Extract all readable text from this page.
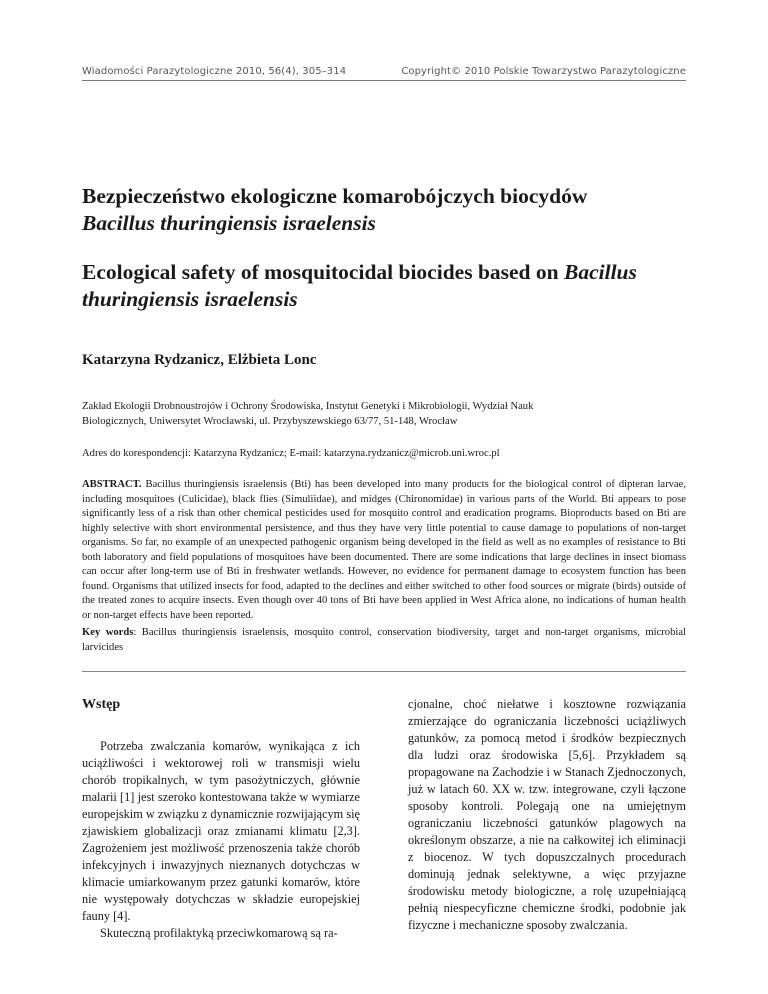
Wiadomości Parazytologiczne 2010, 56(4), 305–314	Copyright© 2010 Polskie Towarzystwo Parazytologiczne
Bezpieczeństwo ekologiczne komarobójczych biocydów
Bacillus thuringiensis israelensis
Ecological safety of mosquitocidal biocides based on Bacillus
thuringiensis israelensis
Katarzyna Rydzanicz, Elżbieta Lonc
Zakład Ekologii Drobnoustrojów i Ochrony Środowiska, Instytut Genetyki i Mikrobiologii, Wydział Nauk
Biologicznych, Uniwersytet Wrocławski, ul. Przybyszewskiego 63/77, 51-148, Wrocław
Adres do korespondencji: Katarzyna Rydzanicz; E-mail: katarzyna.rydzanicz@microb.uni.wroc.pl
ABSTRACT. Bacillus thuringiensis israelensis (Bti) has been developed into many products for the biological control of dipteran larvae, including mosquitoes (Culicidae), black flies (Simuliidae), and midges (Chironomidae) in various parts of the World. Bti appears to pose significantly less of a risk than other chemical pesticides used for mosquito control and eradication programs. Bioproducts based on Bti are highly selective with short environmental persistence, and thus they have very little potential to cause damage to populations of non-target organisms. So far, no example of an unexpected pathogenic organism being developed in the field as well as no examples of resistance to Bti both laboratory and field populations of mosquitoes have been documented. There are some indications that large declines in insect biomass can occur after long-term use of Bti in freshwater wetlands. However, no evidence for permanent damage to ecosystem function has been found. Organisms that utilized insects for food, adapted to the declines and either switched to other food sources or migrate (birds) outside of the treated zones to acquire insects. Even though over 40 tons of Bti have been applied in West Africa alone, no indications of human health or non-target effects have been reported.
Key words: Bacillus thuringiensis israelensis, mosquito control, conservation biodiversity, target and non-target organisms, microbial larvicides
Wstęp

Potrzeba zwalczania komarów, wynikająca z ich uciążliwości i wektorowej roli w transmisji wielu chorób tropikalnych, w tym pasożytniczych, głównie malarii [1] jest szeroko kontestowana także w wymiarze europejskim w związku z dynamicznie rozwijającym się zjawiskiem globalizacji oraz zmianami klimatu [2,3]. Zagrożeniem jest możliwość przenoszenia także chorób infekcyjnych i inwazyjnych nieznanych dotychczas w klimacie umiarkowanym przez gatunki komarów, które nie występowały dotychczas w składzie europejskiej fauny [4].

Skuteczną profilaktyką przeciwkomarową są ra-

cjonalne, choć niełatwe i kosztowne rozwiązania zmierzające do ograniczania liczebności uciążliwych gatunków, za pomocą metod i środków bezpiecznych dla ludzi oraz środowiska [5,6]. Przykładem są propagowane na Zachodzie i w Stanach Zjednoczonych, już w latach 60. XX w. tzw. integrowane, czyli łączone sposoby kontroli. Polegają one na umiejętnym ograniczaniu liczebności gatunków plagowych na określonym obszarze, a nie na całkowitej ich eliminacji z biocenoz. W tych dopuszczalnych procedurach dominują jednak selektywne, a więc przyjazne środowisku metody biologiczne, a rolę uzupełniającą pełnią niespecyficzne chemiczne środki, podobnie jak fizyczne i mechaniczne sposoby zwalczania.
